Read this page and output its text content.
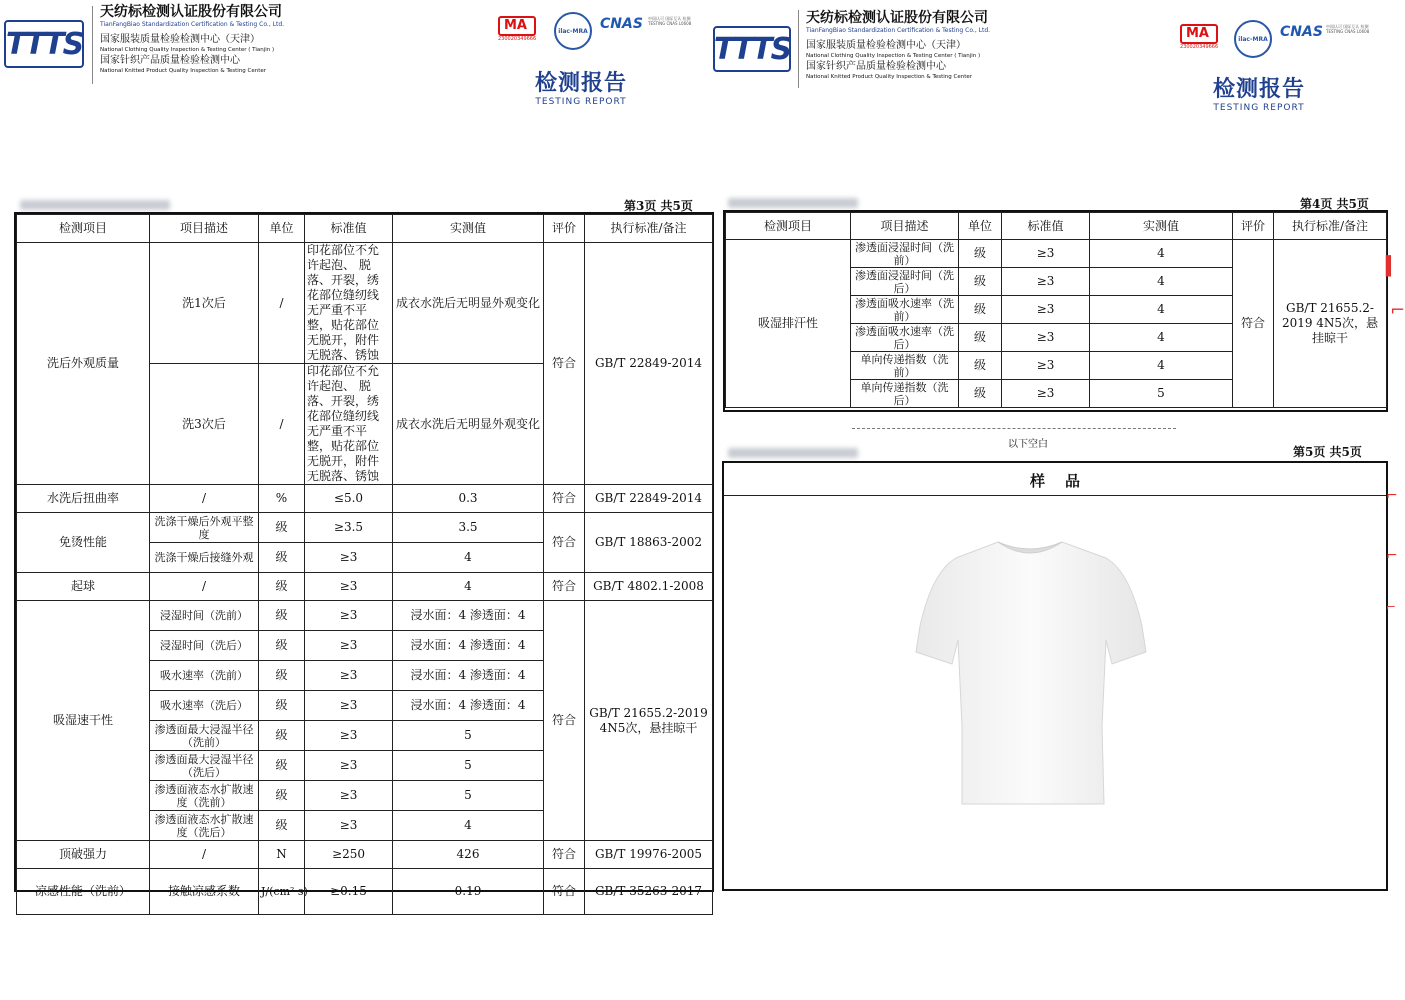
TTTS
天纺标检测认证股份有限公司
TianFangBiao Standardization Certification & Testing Co., Ltd.
国家服装质量检验检测中心（天津）
National Clothing Quality Inspection & Testing Center ( Tianjin )
国家针织产品质量检验检测中心
National Knitted Product Quality Inspection & Testing Center
MA
230020349666
ilac-MRA CNAS	中国认可 国际互认 检测 TESTING CNAS L0608
检测报告
TESTING REPORT
TTTS
天纺标检测认证股份有限公司
TianFangBiao Standardization Certification & Testing Co., Ltd.
国家服装质量检验检测中心（天津）
National Clothing Quality Inspection & Testing Center ( Tianjin )
国家针织产品质量检验检测中心
National Knitted Product Quality Inspection & Testing Center
MA
230020349666
ilac-MRA CNAS 中国认可 国际互认 检测 TESTING CNAS L0608
检测报告
TESTING REPORT
第3页 共5页
检测项目	项目描述	单位	标准值	实测值	评价	执行标准/备注
洗后外观质量	洗1次后	/	印花部位不允许起泡、 脱落、开裂，绣花部位缝纫线无严重不平整，贴花部位无脱开，附件无脱落、锈蚀	成衣水洗后无明显外观变化	符合	GB/T 22849-2014
	洗3次后	/	印花部位不允许起泡、 脱落、开裂，绣花部位缝纫线无严重不平整，贴花部位无脱开，附件无脱落、锈蚀	成衣水洗后无明显外观变化		
水洗后扭曲率	/	%	≤5.0	0.3	符合	GB/T 22849-2014
免烫性能	洗涤干燥后外观平整度	级	≥3.5	3.5	符合	GB/T 18863-2002
	洗涤干燥后接缝外观	级	≥3	4		
起球	/	级	≥3	4	符合	GB/T 4802.1-2008
吸湿速干性	浸湿时间（洗前）	级	≥3	浸水面：4 渗透面：4	符合	GB/T 21655.2-2019 4N5次，悬挂晾干
	浸湿时间（洗后）	级	≥3	浸水面：4 渗透面：4		
	吸水速率（洗前）	级	≥3	浸水面：4 渗透面：4		
	吸水速率（洗后）	级	≥3	浸水面：4 渗透面：4		
	渗透面最大浸湿半径（洗前）	级	≥3	5		
	渗透面最大浸湿半径（洗后）	级	≥3	5		
	渗透面液态水扩散速度（洗前）	级	≥3	5		
	渗透面液态水扩散速度（洗后）	级	≥3	4		
顶破强力	/	N	≥250	426	符合	GB/T 19976-2005
凉感性能（洗前）	接触凉感系数	J/(cm²·s)	≥0.15	0.19	符合	GB/T 35263-2017
第4页 共5页
检测项目	项目描述	单位	标准值	实测值	评价	执行标准/备注
吸湿排汗性	渗透面浸湿时间（洗前）	级	≥3	4	符合	GB/T 21655.2-2019 4N5次，悬挂晾干
	渗透面浸湿时间（洗后）	级	≥3	4		
	渗透面吸水速率（洗前）	级	≥3	4		
	渗透面吸水速率（洗后）	级	≥3	4		
	单向传递指数（洗前）	级	≥3	4		
	单向传递指数（洗后）	级	≥3	5		
以下空白
第5页 共5页
样品
▍
⌐
⌐
⌐
⌐
